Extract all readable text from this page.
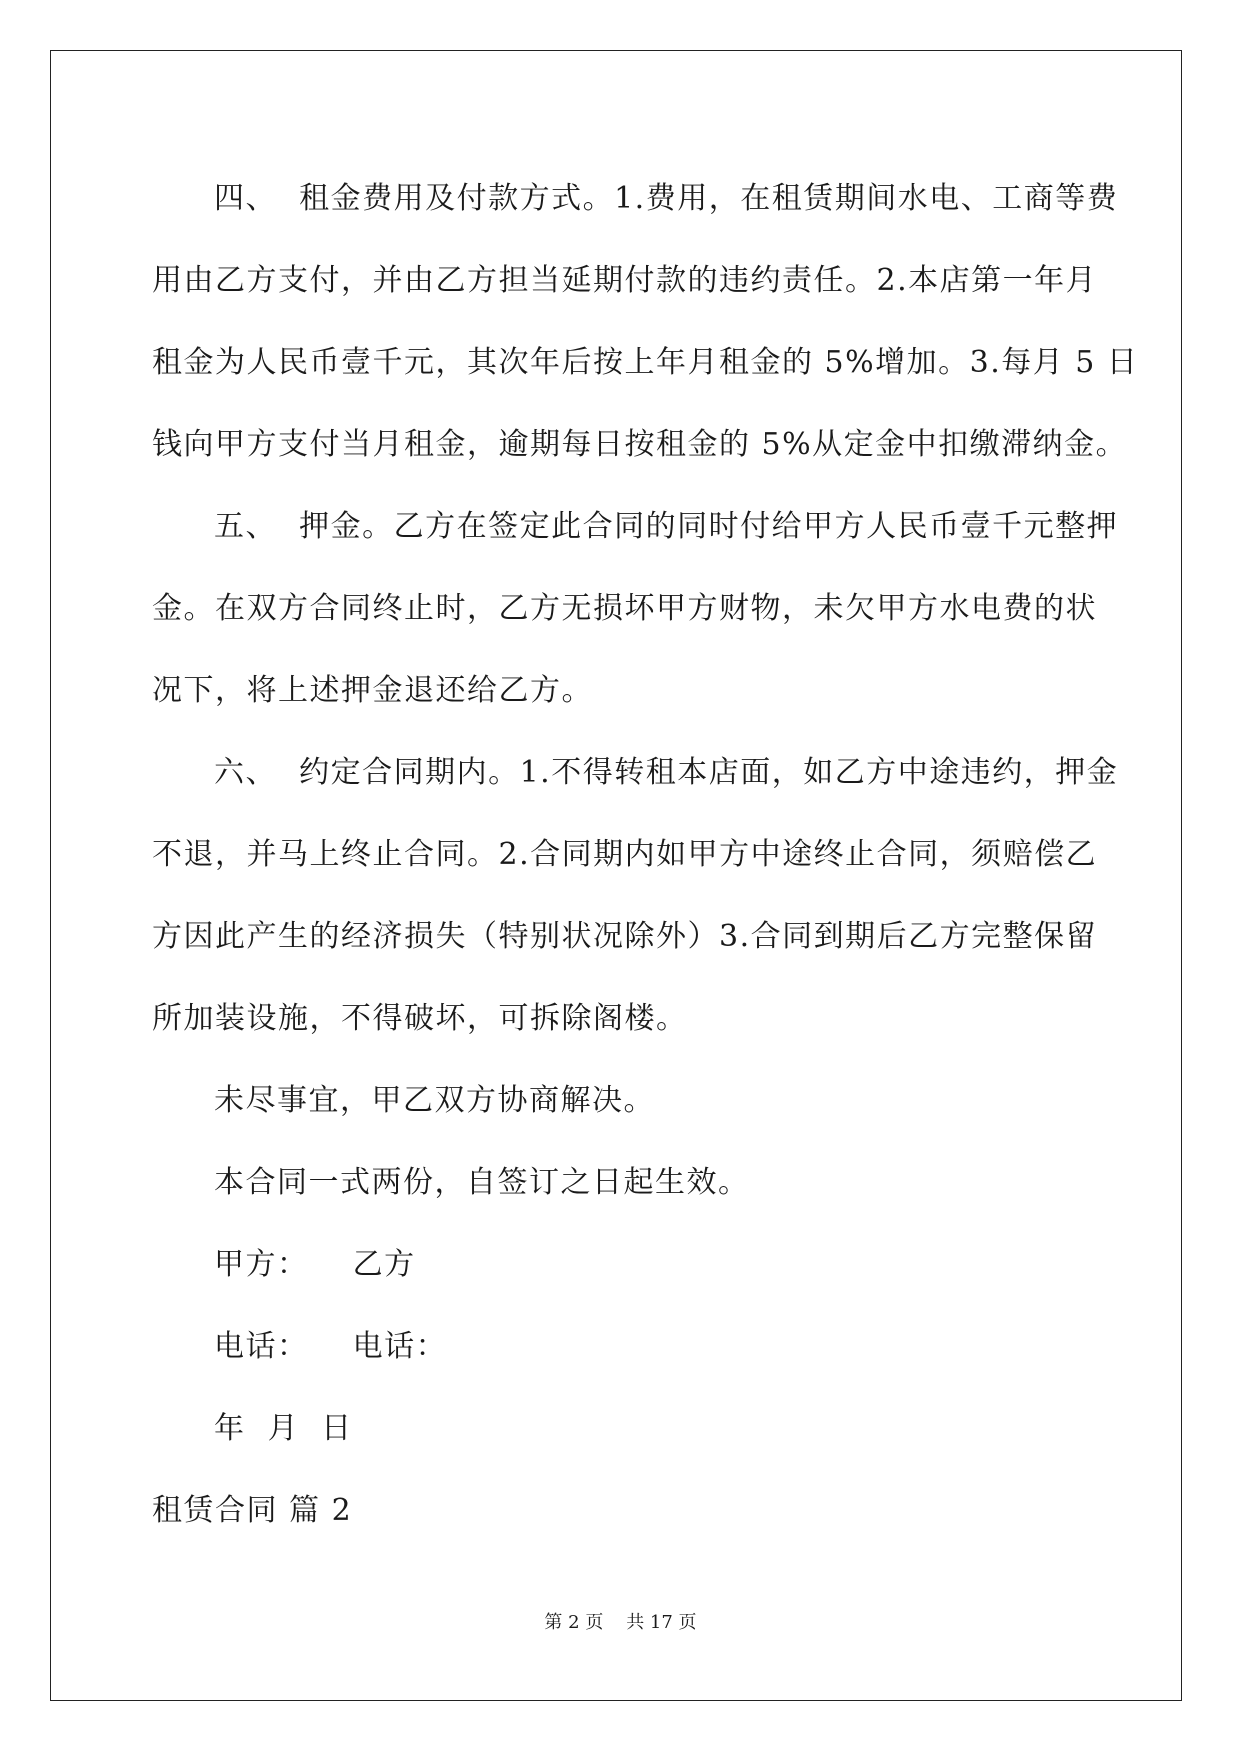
四、  租金费用及付款方式。1.费用，在租赁期间水电、工商等费
用由乙方支付，并由乙方担当延期付款的违约责任。2.本店第一年月
租金为人民币壹千元，其次年后按上年月租金的 5%增加。3.每月 5 日
钱向甲方支付当月租金，逾期每日按租金的 5%从定金中扣缴滞纳金。
五、  押金。乙方在签定此合同的同时付给甲方人民币壹千元整押
金。在双方合同终止时，乙方无损坏甲方财物，未欠甲方水电费的状
况下，将上述押金退还给乙方。
六、  约定合同期内。1.不得转租本店面，如乙方中途违约，押金
不退，并马上终止合同。2.合同期内如甲方中途终止合同，须赔偿乙
方因此产生的经济损失（特别状况除外）3.合同到期后乙方完整保留
所加装设施，不得破坏，可拆除阁楼。
未尽事宜，甲乙双方协商解决。
本合同一式两份，自签订之日起生效。
甲方：    乙方
电话：    电话：
年  月  日
租赁合同 篇 2
第 2 页    共 17 页
